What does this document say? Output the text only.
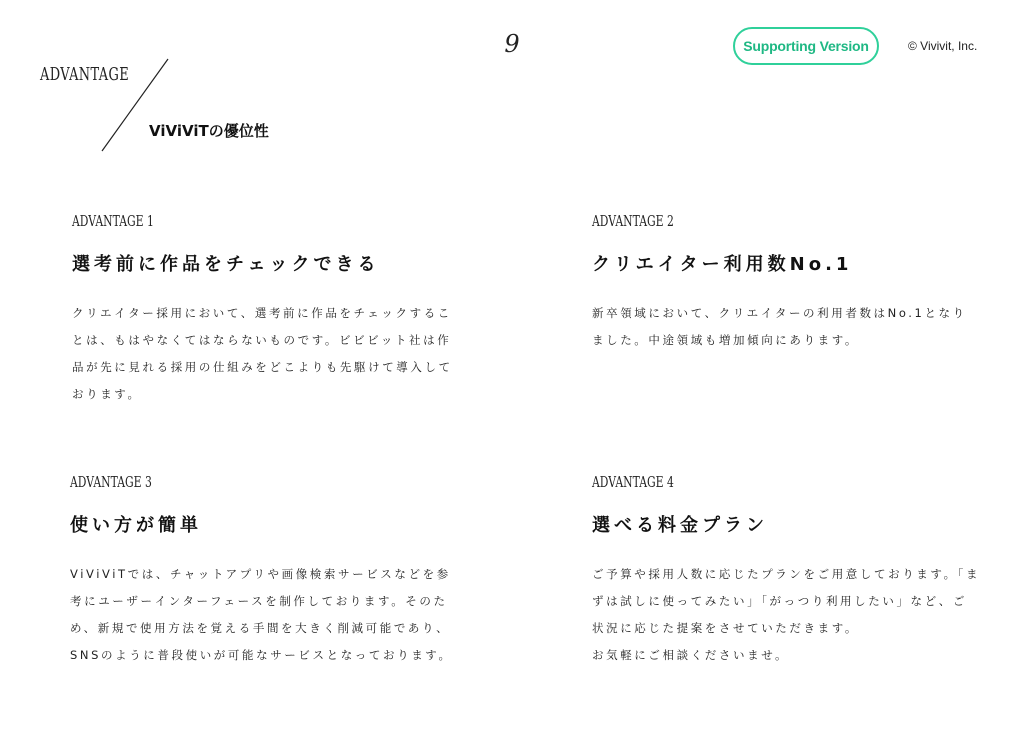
9	Supporting Version	© Vivivit, Inc.
ADVANTAGE
ViViViTの優位性
ADVANTAGE 1
選考前に作品をチェックできる
クリエイター採用において、選考前に作品をチェックするこ
とは、もはやなくてはならないものです。ビビビット社は作
品が先に見れる採用の仕組みをどこよりも先駆けて導入して
おります。
ADVANTAGE 2
クリエイター利用数No.1
新卒領域において、クリエイターの利用者数はNo.1となり
ました。中途領域も増加傾向にあります。
ADVANTAGE 3
使い方が簡単
ViViViTでは、チャットアプリや画像検索サービスなどを参
考にユーザーインターフェースを制作しております。そのた
め、新規で使用方法を覚える手間を大きく削減可能であり、
SNSのように普段使いが可能なサービスとなっております。
ADVANTAGE 4
選べる料金プラン
ご予算や採用人数に応じたプランをご用意しております。「ま
ずは試しに使ってみたい」「がっつり利用したい」など、ご
状況に応じた提案をさせていただきます。
お気軽にご相談くださいませ。
